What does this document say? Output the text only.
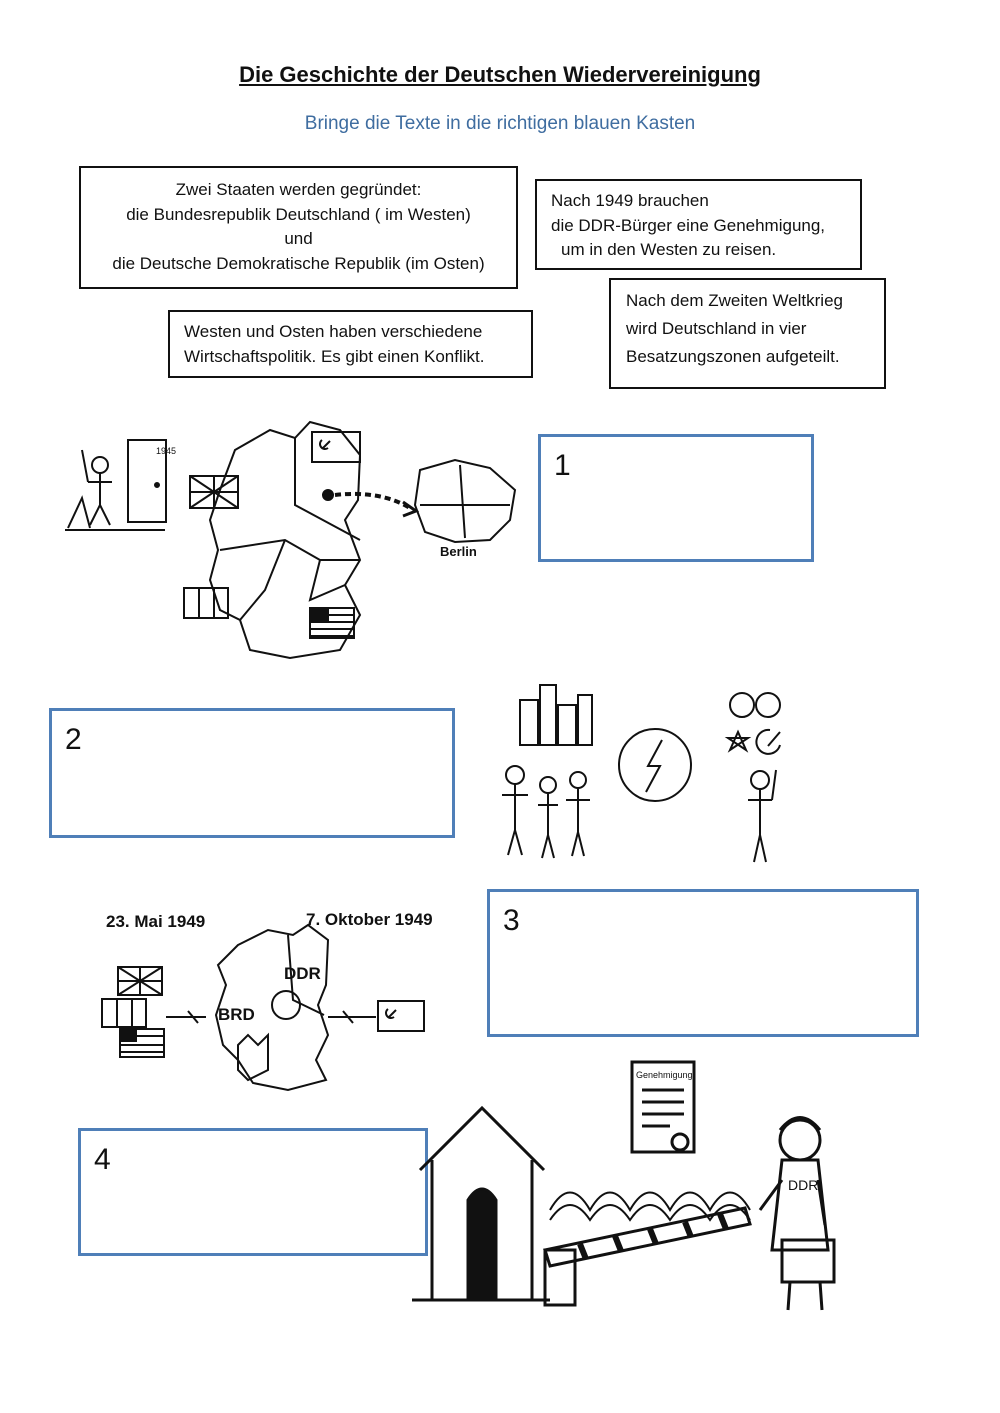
Die Geschichte der Deutschen Wiedervereinigung
Bringe die Texte in die richtigen blauen Kasten
Zwei Staaten werden gegründet:
die Bundesrepublik Deutschland ( im Westen)
und
die Deutsche Demokratische Republik (im Osten)
Nach 1949 brauchen
die DDR-Bürger eine Genehmigung,
um in den Westen zu reisen.
Westen und Osten haben verschiedene
Wirtschaftspolitik. Es gibt einen Konflikt.
Nach dem Zweiten Weltkrieg
wird Deutschland in vier
Besatzungszonen aufgeteilt.
1
2
3
4
1945
Berlin
23. Mai 1949	7. Oktober 1949
BRD
DDR
Genehmigung
DDR
